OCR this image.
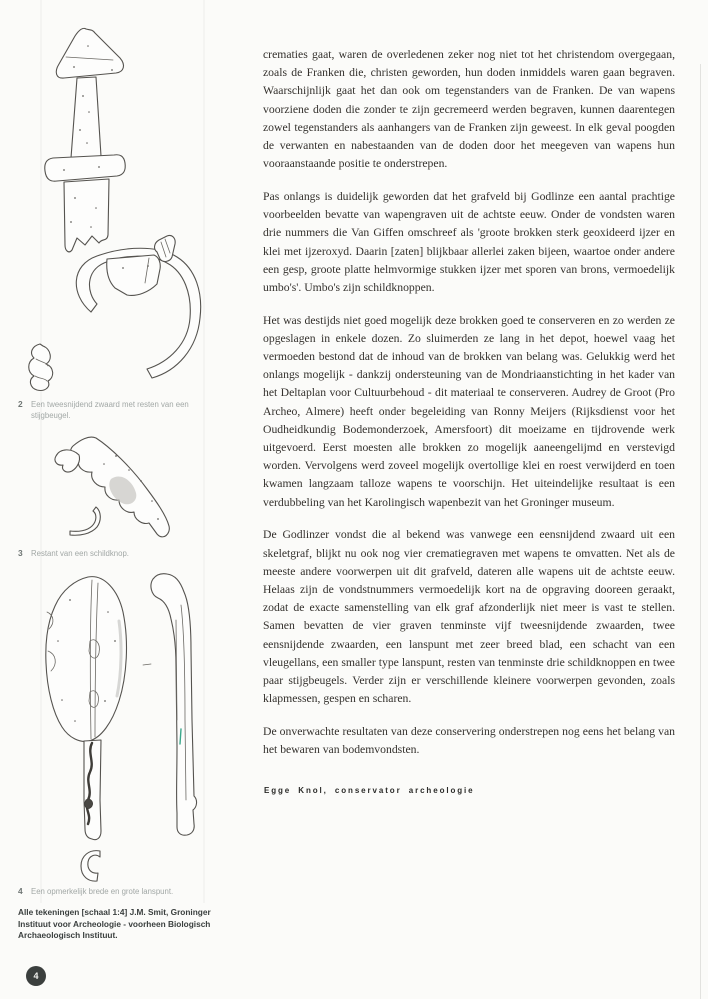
2 Een tweesnijdend zwaard met resten van een stijgbeugel.
3 Restant van een schildknop.
4 Een opmerkelijk brede en grote lanspunt.
Alle tekeningen [schaal 1:4] J.M. Smit, Groninger Instituut voor Archeologie - voorheen Biologisch Archaeologisch Instituut.

crematies gaat, waren de overledenen zeker nog niet tot het christendom overgegaan, zoals de Franken die, christen geworden, hun doden inmiddels waren gaan begraven. Waarschijnlijk gaat het dan ook om tegenstanders van de Franken. De van wapens voorziene doden die zonder te zijn gecremeerd werden begraven, kunnen daarentegen zowel tegenstanders als aanhangers van de Franken zijn geweest. In elk geval poogden de verwanten en nabestaanden van de doden door het meegeven van wapens hun vooraanstaande positie te onderstrepen.

Pas onlangs is duidelijk geworden dat het grafveld bij Godlinze een aantal prachtige voorbeelden bevatte van wapengraven uit de achtste eeuw. Onder de vondsten waren drie nummers die Van Giffen omschreef als 'groote brokken sterk geoxideerd ijzer en klei met ijzeroxyd. Daarin [zaten] blijkbaar allerlei zaken bijeen, waartoe onder andere een gesp, groote platte helmvormige stukken ijzer met sporen van brons, vermoedelijk umbo's'. Umbo's zijn schildknoppen.

Het was destijds niet goed mogelijk deze brokken goed te conserveren en zo werden ze opgeslagen in enkele dozen. Zo sluimerden ze lang in het depot, hoewel vaag het vermoeden bestond dat de inhoud van de brokken van belang was. Gelukkig werd het onlangs mogelijk - dankzij ondersteuning van de Mondriaanstichting in het kader van het Deltaplan voor Cultuurbehoud - dit materiaal te conserveren. Audrey de Groot (Pro Archeo, Almere) heeft onder begeleiding van Ronny Meijers (Rijksdienst voor het Oudheidkundig Bodemonderzoek, Amersfoort) dit moeizame en tijdrovende werk uitgevoerd. Eerst moesten alle brokken zo mogelijk aaneengelijmd en verstevigd worden. Vervolgens werd zoveel mogelijk overtollige klei en roest verwijderd en toen kwamen langzaam talloze wapens te voorschijn. Het uiteindelijke resultaat is een verdubbeling van het Karolingisch wapenbezit van het Groninger museum.

De Godlinzer vondst die al bekend was vanwege een eensnijdend zwaard uit een skeletgraf, blijkt nu ook nog vier crematiegraven met wapens te omvatten. Net als de meeste andere voorwerpen uit dit grafveld, dateren alle wapens uit de achtste eeuw. Helaas zijn de vondstnummers vermoedelijk kort na de opgraving dooreen geraakt, zodat de exacte samenstelling van elk graf afzonderlijk niet meer is vast te stellen. Samen bevatten de vier graven tenminste vijf tweesnijdende zwaarden, twee eensnijdende zwaarden, een lanspunt met zeer breed blad, een schacht van een vleugellans, een smaller type lanspunt, resten van tenminste drie schildknoppen en twee paar stijgbeugels. Verder zijn er verschillende kleinere voorwerpen gevonden, zoals klapmessen, gespen en scharen.

De onverwachte resultaten van deze conservering onderstrepen nog eens het belang van het bewaren van bodemvondsten.

Egge Knol, conservator archeologie
4
